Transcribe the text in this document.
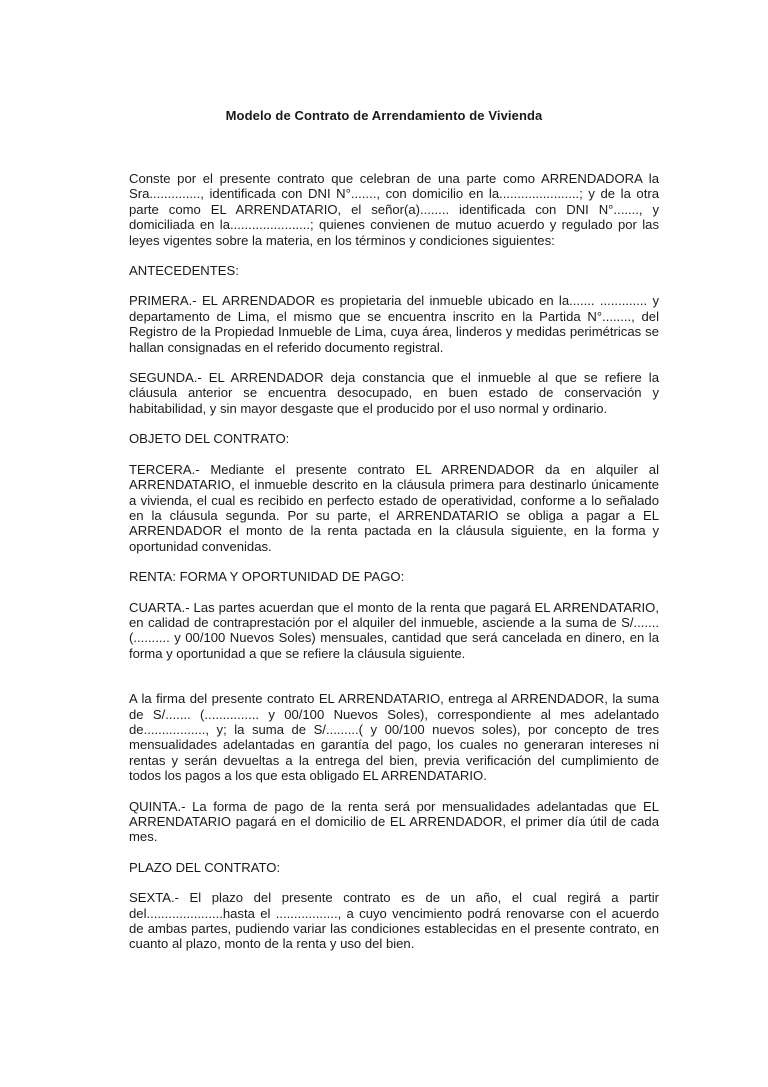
Modelo de Contrato de Arrendamiento de Vivienda

Conste por el presente contrato que celebran de una parte como ARRENDADORA la Sra.............., identificada con DNI N°......., con domicilio en la......................; y de la otra parte como EL ARRENDATARIO, el señor(a)........ identificada con DNI N°......., y domiciliada en la......................; quienes convienen de mutuo acuerdo y regulado por las leyes vigentes sobre la materia, en los términos y condiciones siguientes:

ANTECEDENTES:

PRIMERA.- EL ARRENDADOR es propietaria del inmueble ubicado en la....... ............. y departamento de Lima, el mismo que se encuentra inscrito en la Partida N°........, del Registro de la Propiedad Inmueble de Lima, cuya área, linderos y medidas perimétricas se hallan consignadas en el referido documento registral.

SEGUNDA.- EL ARRENDADOR deja constancia que el inmueble al que se refiere la cláusula anterior se encuentra desocupado, en buen estado de conservación y habitabilidad, y sin mayor desgaste que el producido por el uso normal y ordinario.

OBJETO DEL CONTRATO:

TERCERA.- Mediante el presente contrato EL ARRENDADOR da en alquiler al ARRENDATARIO, el inmueble descrito en la cláusula primera para destinarlo únicamente a vivienda, el cual es recibido en perfecto estado de operatividad, conforme a lo señalado en la cláusula segunda. Por su parte, el ARRENDATARIO se obliga a pagar a EL ARRENDADOR el monto de la renta pactada en la cláusula siguiente, en la forma y oportunidad convenidas.

RENTA: FORMA Y OPORTUNIDAD DE PAGO:

CUARTA.- Las partes acuerdan que el monto de la renta que pagará EL ARRENDATARIO, en calidad de contraprestación por el alquiler del inmueble, asciende a la suma de S/....... (.......... y 00/100 Nuevos Soles) mensuales, cantidad que será cancelada en dinero, en la forma y oportunidad a que se refiere la cláusula siguiente.

A la firma del presente contrato EL ARRENDATARIO, entrega al ARRENDADOR, la suma de S/....... (............... y 00/100 Nuevos Soles), correspondiente al mes adelantado de................., y; la suma de S/.........( y 00/100 nuevos soles), por concepto de tres mensualidades adelantadas en garantía del pago, los cuales no generaran intereses ni rentas y serán devueltas a la entrega del bien, previa verificación del cumplimiento de todos los pagos a los que esta obligado EL ARRENDATARIO.

QUINTA.- La forma de pago de la renta será por mensualidades adelantadas que EL ARRENDATARIO pagará en el domicilio de EL ARRENDADOR, el primer día útil de cada mes.

PLAZO DEL CONTRATO:

SEXTA.- El plazo del presente contrato es de un año, el cual regirá a partir del.....................hasta el ................., a cuyo vencimiento podrá renovarse con el acuerdo de ambas partes, pudiendo variar las condiciones establecidas en el presente contrato, en cuanto al plazo, monto de la renta y uso del bien.
